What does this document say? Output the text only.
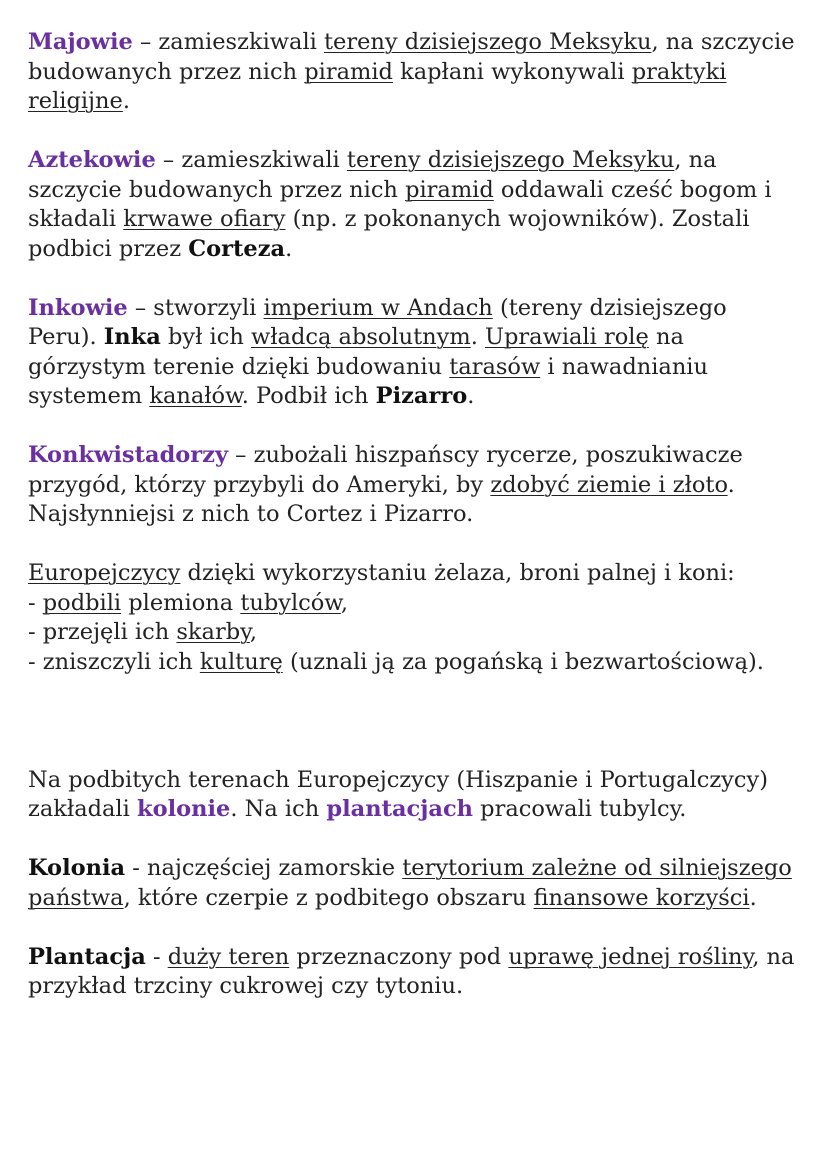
Majowie – zamieszkiwali tereny dzisiejszego Meksyku, na szczycie budowanych przez nich piramid kapłani wykonywali praktyki religijne.

Aztekowie – zamieszkiwali tereny dzisiejszego Meksyku, na szczycie budowanych przez nich piramid oddawali cześć bogom i składali krwawe ofiary (np. z pokonanych wojowników). Zostali podbici przez Corteza.

Inkowie – stworzyli imperium w Andach (tereny dzisiejszego Peru). Inka był ich władcą absolutnym. Uprawiali rolę na górzystym terenie dzięki budowaniu tarasów i nawadnianiu systemem kanałów. Podbił ich Pizarro.

Konkwistadorzy – zubożali hiszpańscy rycerze, poszukiwacze przygód, którzy przybyli do Ameryki, by zdobyć ziemie i złoto. Najsłynniejsi z nich to Cortez i Pizarro.

Europejczycy dzięki wykorzystaniu żelaza, broni palnej i koni:
- podbili plemiona tubylców,
- przejęli ich skarby,
- zniszczyli ich kulturę (uznali ją za pogańską i bezwartościową).

Na podbitych terenach Europejczycy (Hiszpanie i Portugalczycy) zakładali kolonie. Na ich plantacjach pracowali tubylcy.

Kolonia - najczęściej zamorskie terytorium zależne od silniejszego państwa, które czerpie z podbitego obszaru finansowe korzyści.

Plantacja - duży teren przeznaczony pod uprawę jednej rośliny, na przykład trzciny cukrowej czy tytoniu.
